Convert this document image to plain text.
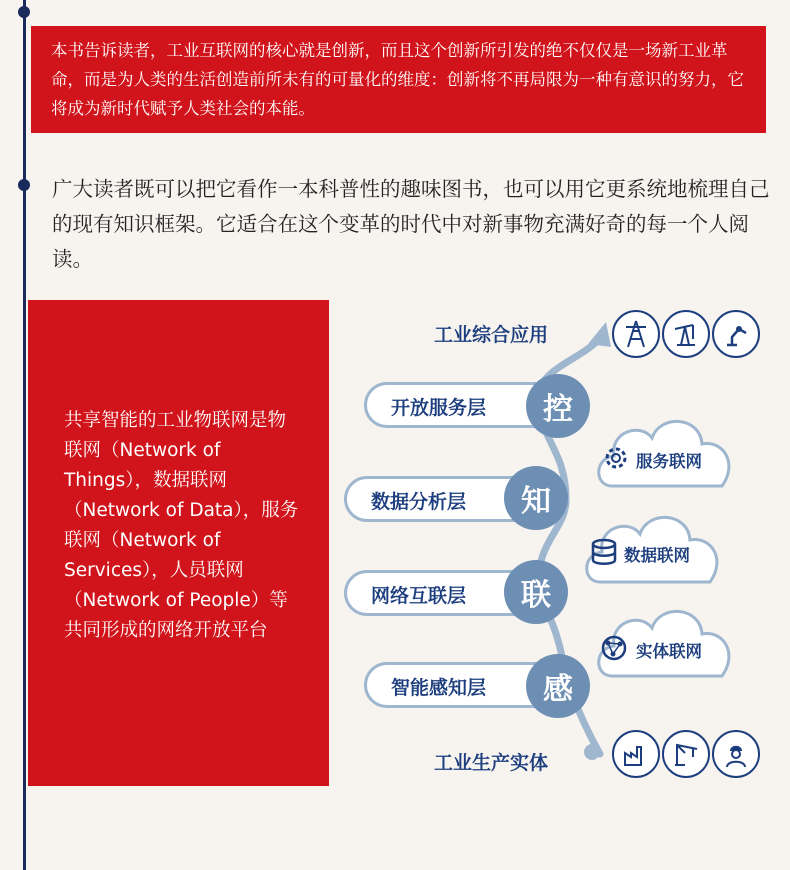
本书告诉读者，工业互联网的核心就是创新，而且这个创新所引发的绝不仅仅是一场新工业革命，而是为人类的生活创造前所未有的可量化的维度：创新将不再局限为一种有意识的努力，它将成为新时代赋予人类社会的本能。

广大读者既可以把它看作一本科普性的趣味图书，也可以用它更系统地梳理自己的现有知识框架。它适合在这个变革的时代中对新事物充满好奇的每一个人阅读。

共享智能的工业物联网是物联网（Network of Things），数据联网（Network of Data），服务联网（Network of Services），人员联网（Network of People）等共同形成的网络开放平台

工业综合应用
工业生产实体
开放服务层	控
数据分析层	知
网络互联层	联
智能感知层	感
服务联网
数据联网
实体联网
